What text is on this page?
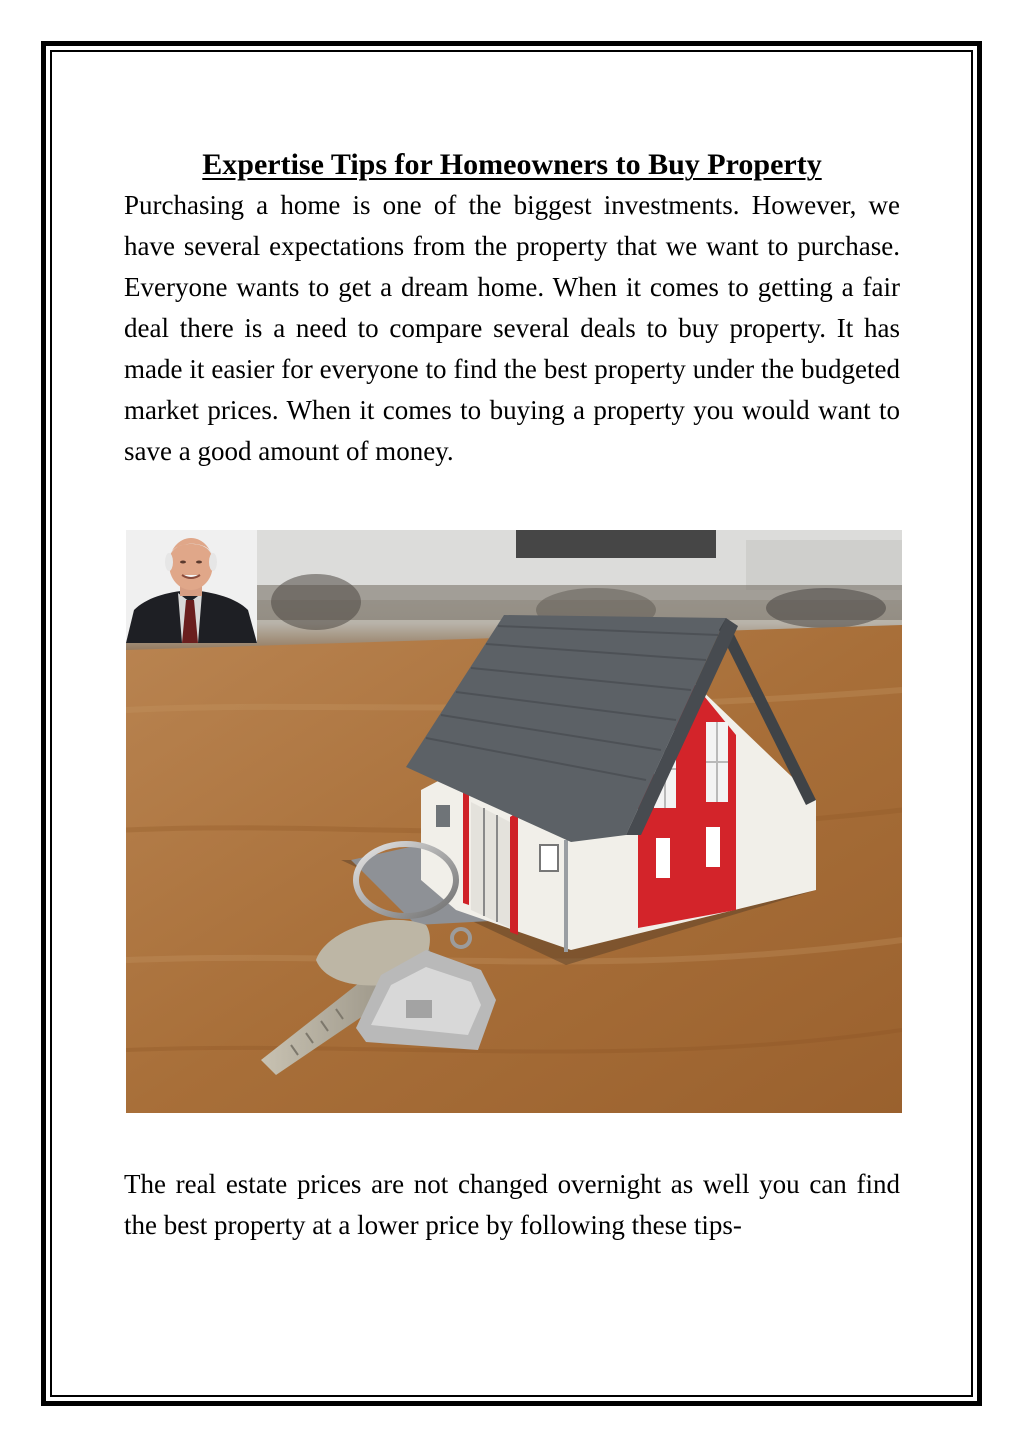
Expertise Tips for Homeowners to Buy Property

Purchasing a home is one of the biggest investments. However, we have several expectations from the property that we want to purchase. Everyone wants to get a dream home. When it comes to getting a fair deal there is a need to compare several deals to buy property. It has made it easier for everyone to find the best property under the budgeted market prices. When it comes to buying a property you would want to save a good amount of money.

The real estate prices are not changed overnight as well you can find the best property at a lower price by following these tips-
